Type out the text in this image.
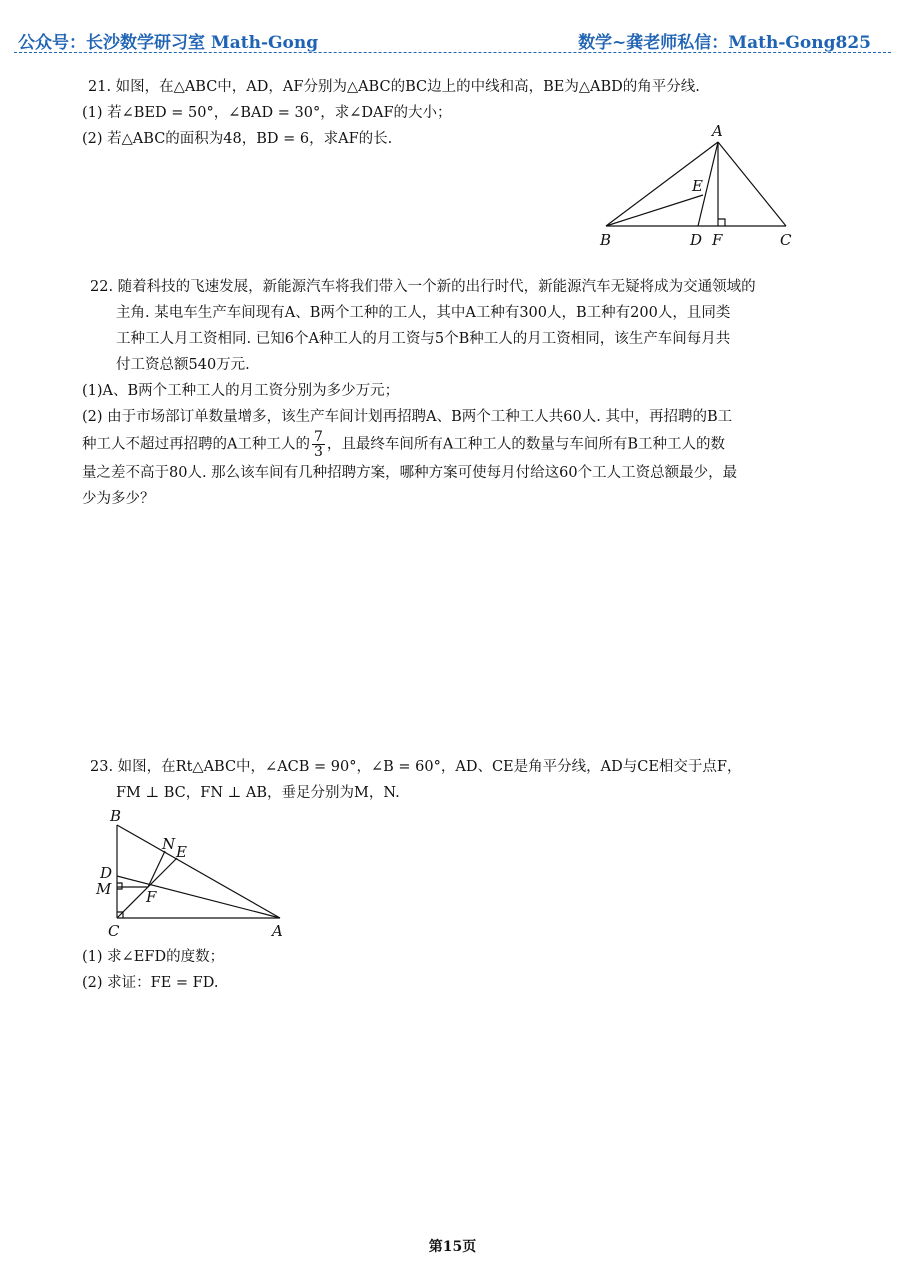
公众号：长沙数学研习室 Math-Gong	数学~龚老师私信：Math-Gong825
21. 如图，在△ABC中，AD，AF分别为△ABC的BC边上的中线和高，BE为△ABD的角平分线.
(1) 若∠BED = 50°，∠BAD = 30°，求∠DAF的大小；
(2) 若△ABC的面积为48，BD = 6，求AF的长.	A
E
B	D F	C
22. 随着科技的飞速发展，新能源汽车将我们带入一个新的出行时代，新能源汽车无疑将成为交通领域的
主角. 某电车生产车间现有A、B两个工种的工人，其中A工种有300人，B工种有200人，且同类
工种工人月工资相同. 已知6个A种工人的月工资与5个B种工人的月工资相同，该生产车间每月共
付工资总额540万元.
(1)A、B两个工种工人的月工资分别为多少万元；
(2) 由于市场部订单数量增多，该生产车间计划再招聘A、B两个工种工人共60人. 其中，再招聘的B工
种工人不超过再招聘的A工种工人的 $\frac{7}{3}$ ，且最终车间所有A工种工人的数量与车间所有B工种工人的数
量之差不高于80人. 那么该车间有几种招聘方案，哪种方案可使每月付给这60个工人工资总额最少，最
少为多少？
23. 如图，在Rt△ABC中，∠ACB = 90°，∠B = 60°，AD、CE是角平分线，AD与CE相交于点F，
FM ⊥ BC，FN ⊥ AB，垂足分别为M，N.
B
N E
D
M F
C	A
(1) 求∠EFD的度数；
(2) 求证：FE = FD.
第15页
